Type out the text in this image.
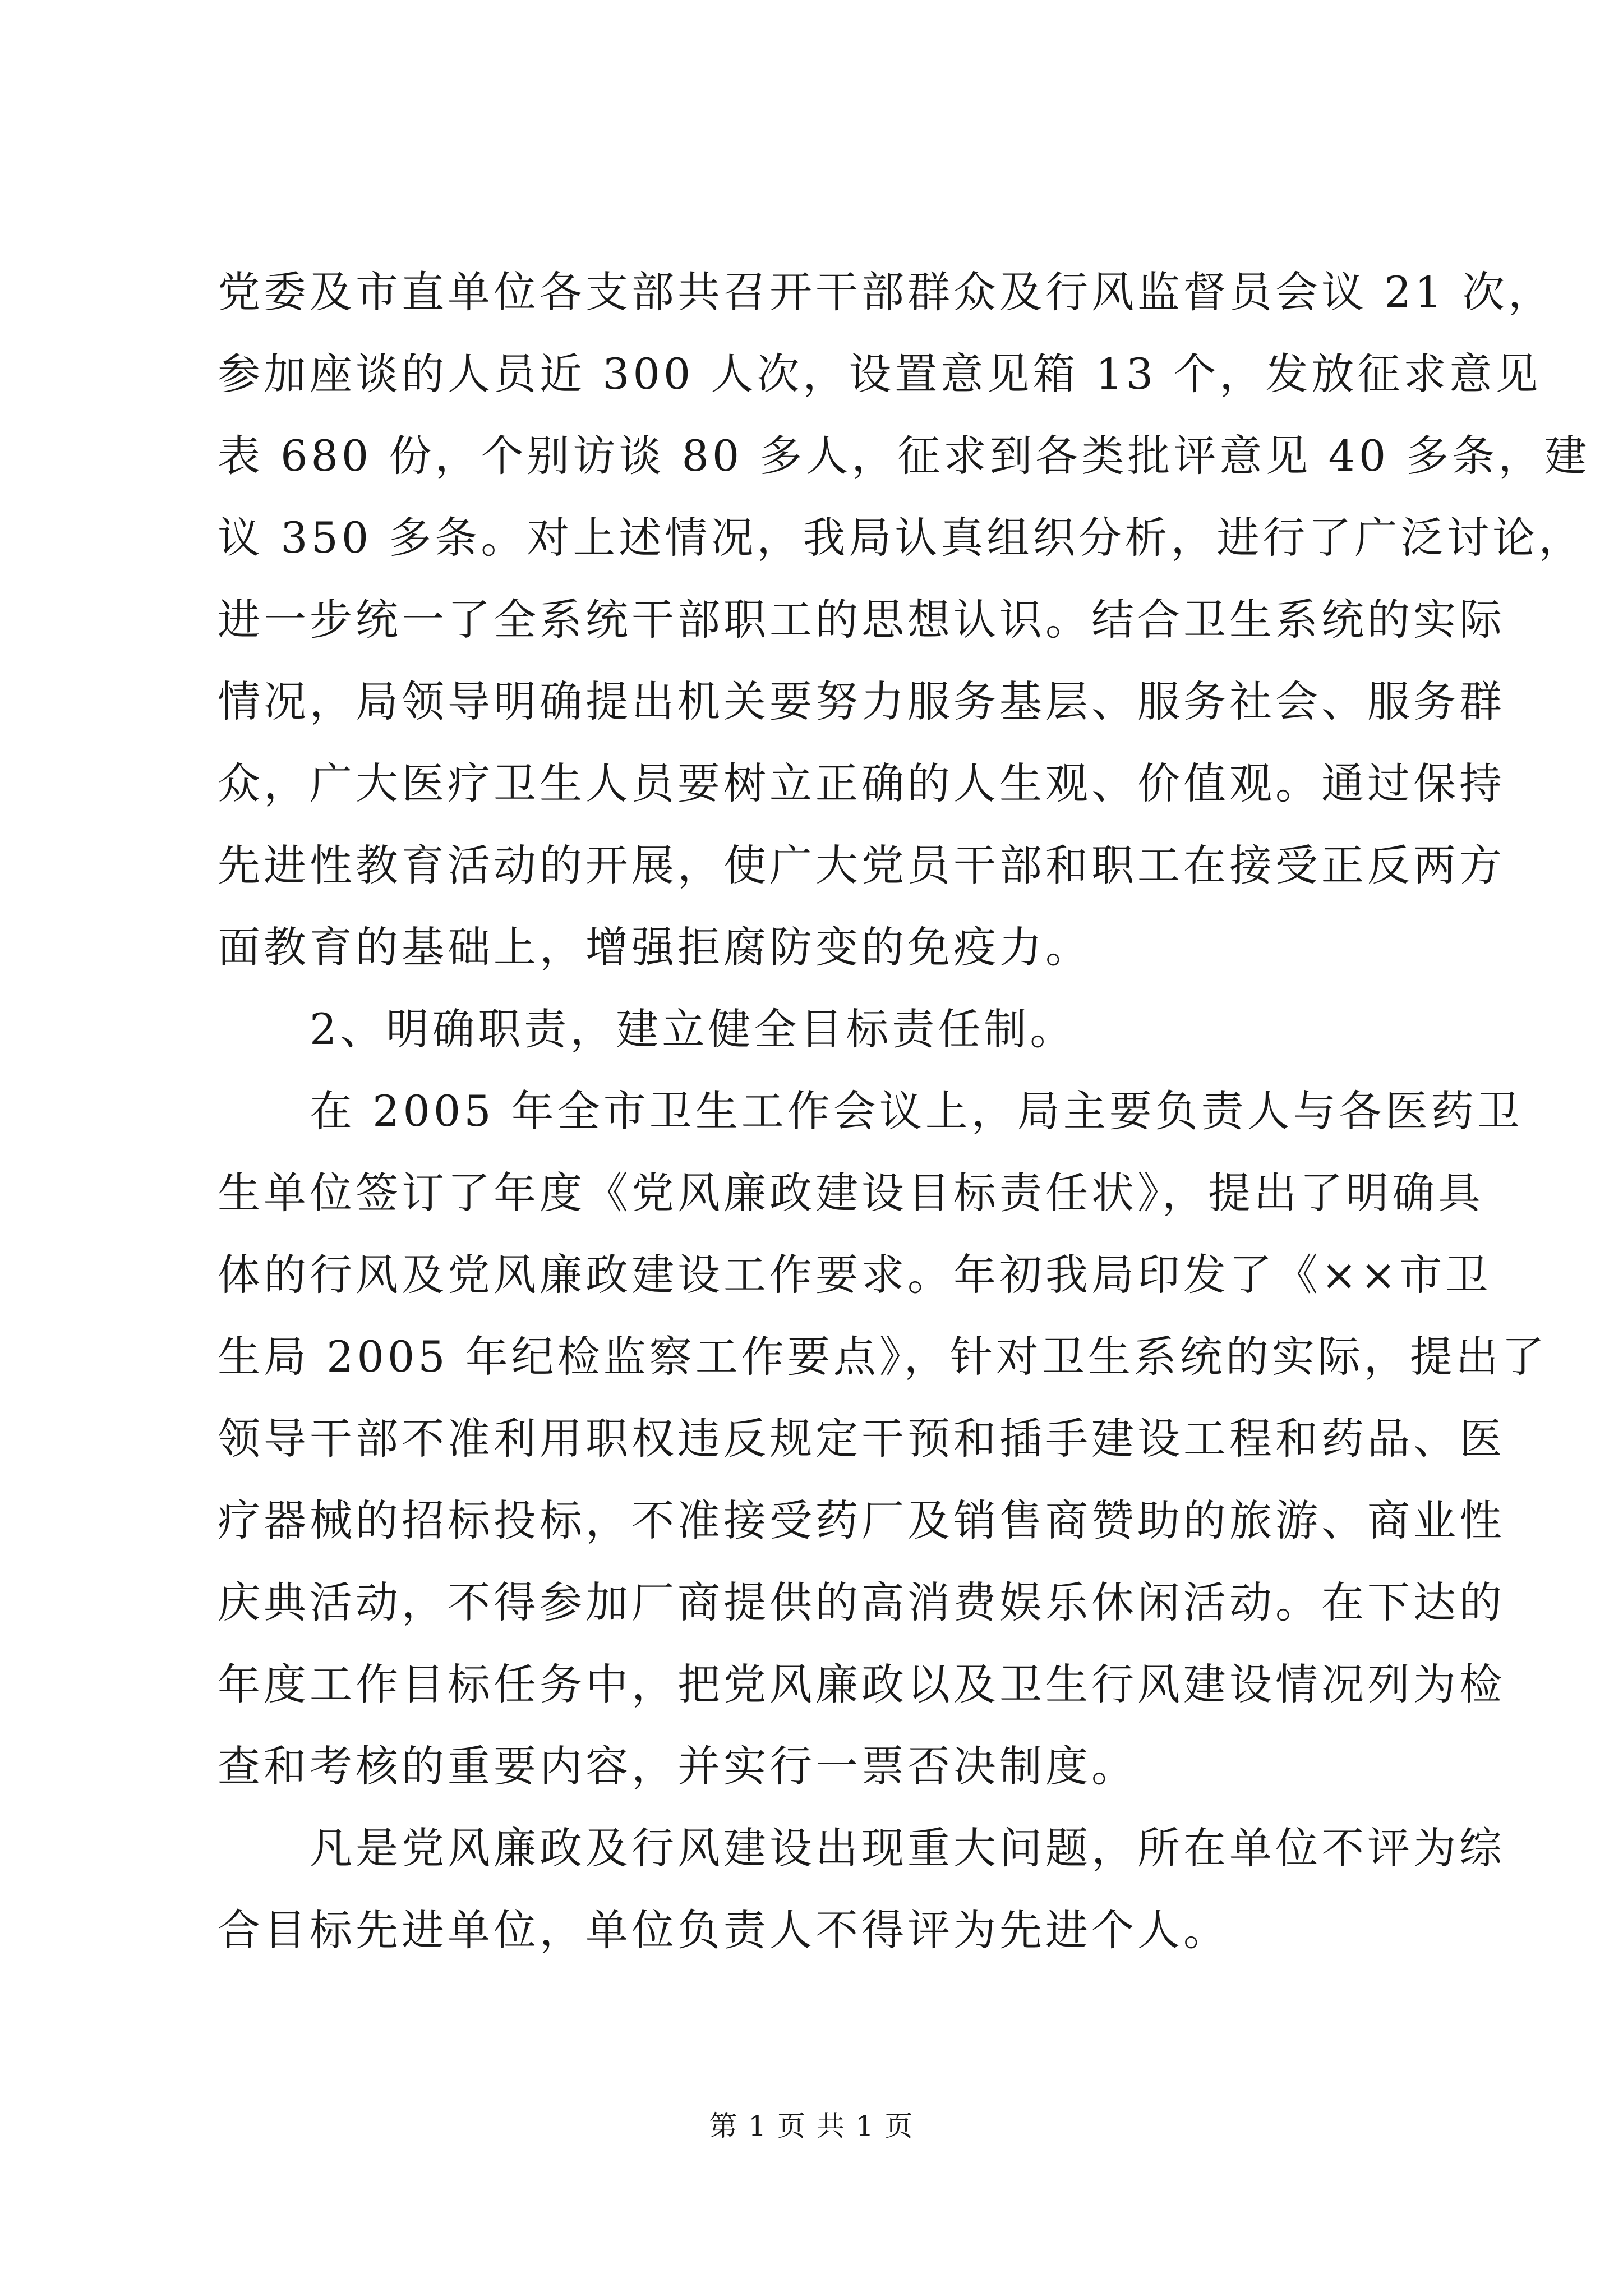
党委及市直单位各支部共召开干部群众及行风监督员会议 21 次，
参加座谈的人员近 300 人次，设置意见箱 13 个，发放征求意见
表 680 份，个别访谈 80 多人，征求到各类批评意见 40 多条，建
议 350 多条。对上述情况，我局认真组织分析，进行了广泛讨论，
进一步统一了全系统干部职工的思想认识。结合卫生系统的实际
情况，局领导明确提出机关要努力服务基层、服务社会、服务群
众，广大医疗卫生人员要树立正确的人生观、价值观。通过保持
先进性教育活动的开展，使广大党员干部和职工在接受正反两方
面教育的基础上，增强拒腐防变的免疫力。

2、明确职责，建立健全目标责任制。

在 2005 年全市卫生工作会议上，局主要负责人与各医药卫
生单位签订了年度《党风廉政建设目标责任状》，提出了明确具
体的行风及党风廉政建设工作要求。年初我局印发了《××市卫
生局 2005 年纪检监察工作要点》，针对卫生系统的实际，提出了
领导干部不准利用职权违反规定干预和插手建设工程和药品、医
疗器械的招标投标，不准接受药厂及销售商赞助的旅游、商业性
庆典活动，不得参加厂商提供的高消费娱乐休闲活动。在下达的
年度工作目标任务中，把党风廉政以及卫生行风建设情况列为检
查和考核的重要内容，并实行一票否决制度。

凡是党风廉政及行风建设出现重大问题，所在单位不评为综
合目标先进单位，单位负责人不得评为先进个人。

第 1 页 共 1 页
